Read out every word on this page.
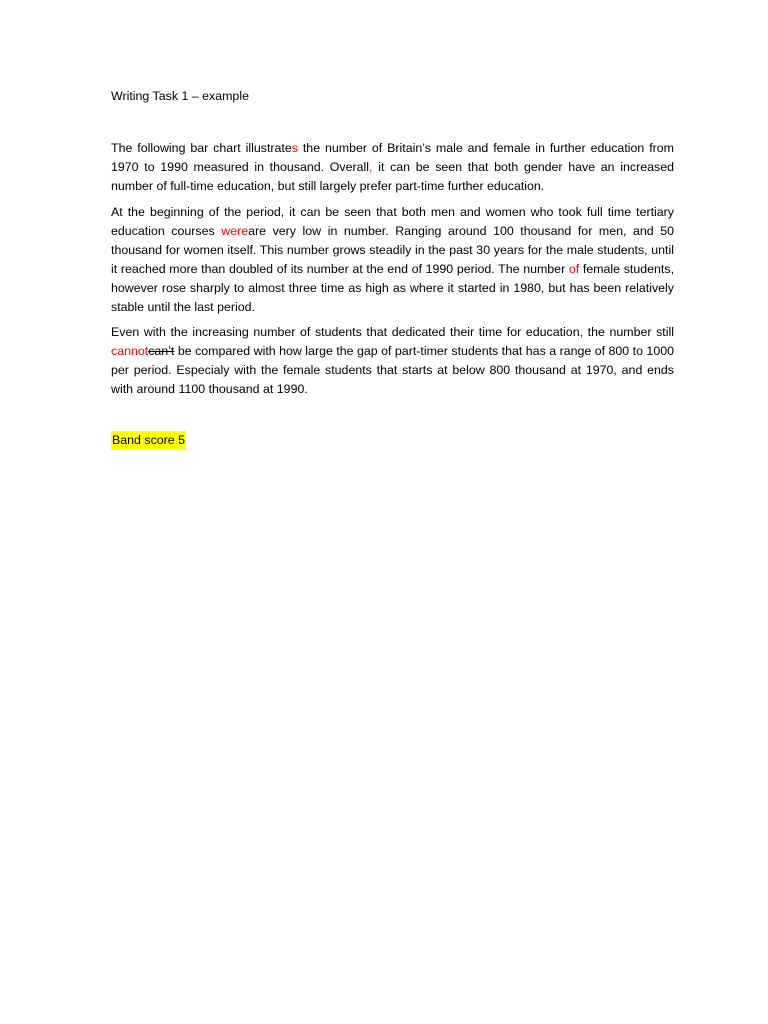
Writing Task 1 – example

The following bar chart illustrates the number of Britain’s male and female in further education from 1970 to 1990 measured in thousand. Overall, it can be seen that both gender have an increased number of full-time education, but still largely prefer part-time further education.

At the beginning of the period, it can be seen that both men and women who took full time tertiary education courses wereare very low in number. Ranging around 100 thousand for men, and 50 thousand for women itself. This number grows steadily in the past 30 years for the male students, until it reached more than doubled of its number at the end of 1990 period. The number of female students, however rose sharply to almost three time as high as where it started in 1980, but has been relatively stable until the last period.

Even with the increasing number of students that dedicated their time for education, the number still cannotcan’t be compared with how large the gap of part-timer students that has a range of 800 to 1000 per period. Especialy with the female students that starts at below 800 thousand at 1970, and ends with around 1100 thousand at 1990.

Band score 5
